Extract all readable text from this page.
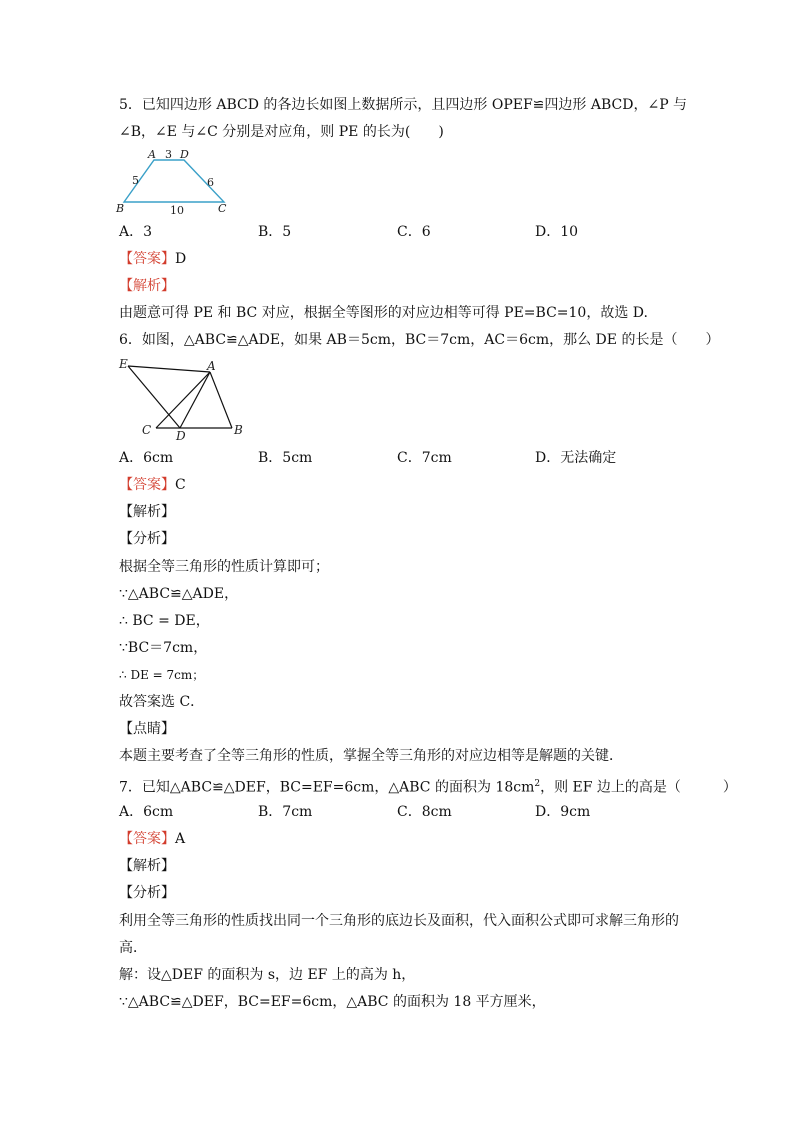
5．已知四边形 ABCD 的各边长如图上数据所示，且四边形 OPEF≌四边形 ABCD，∠P 与
∠B，∠E 与∠C 分别是对应角，则 PE 的长为(　　)
A D
B	C
3
5	6
10
A．3	B．5	C．6	D．10
【答案】D
【解析】
由题意可得 PE 和 BC 对应，根据全等图形的对应边相等可得 PE=BC=10，故选 D.
6．如图，△ABC≌△ADE，如果 AB＝5cm，BC＝7cm，AC＝6cm，那么 DE 的长是（　　）
E	A
C D	B
A．6cm	B．5cm	C．7cm	D．无法确定
【答案】C
【解析】
【分析】
根据全等三角形的性质计算即可；
∵△ABC≌△ADE，
∴ BC = DE，
∵BC＝7cm，
∴ DE = 7cm；
故答案选 C．
【点睛】
本题主要考查了全等三角形的性质，掌握全等三角形的对应边相等是解题的关键．
7．已知△ABC≌△DEF，BC=EF=6cm，△ABC 的面积为 $18cm^2$，则 EF 边上的高是（　　　）
A．6cm	B．7cm	C．8cm	D．9cm
【答案】A
【解析】
【分析】
利用全等三角形的性质找出同一个三角形的底边长及面积，代入面积公式即可求解三角形的
高．
解：设△DEF 的面积为 s，边 EF 上的高为 h，
∵△ABC≌△DEF，BC=EF=6cm，△ABC 的面积为 18 平方厘米，
